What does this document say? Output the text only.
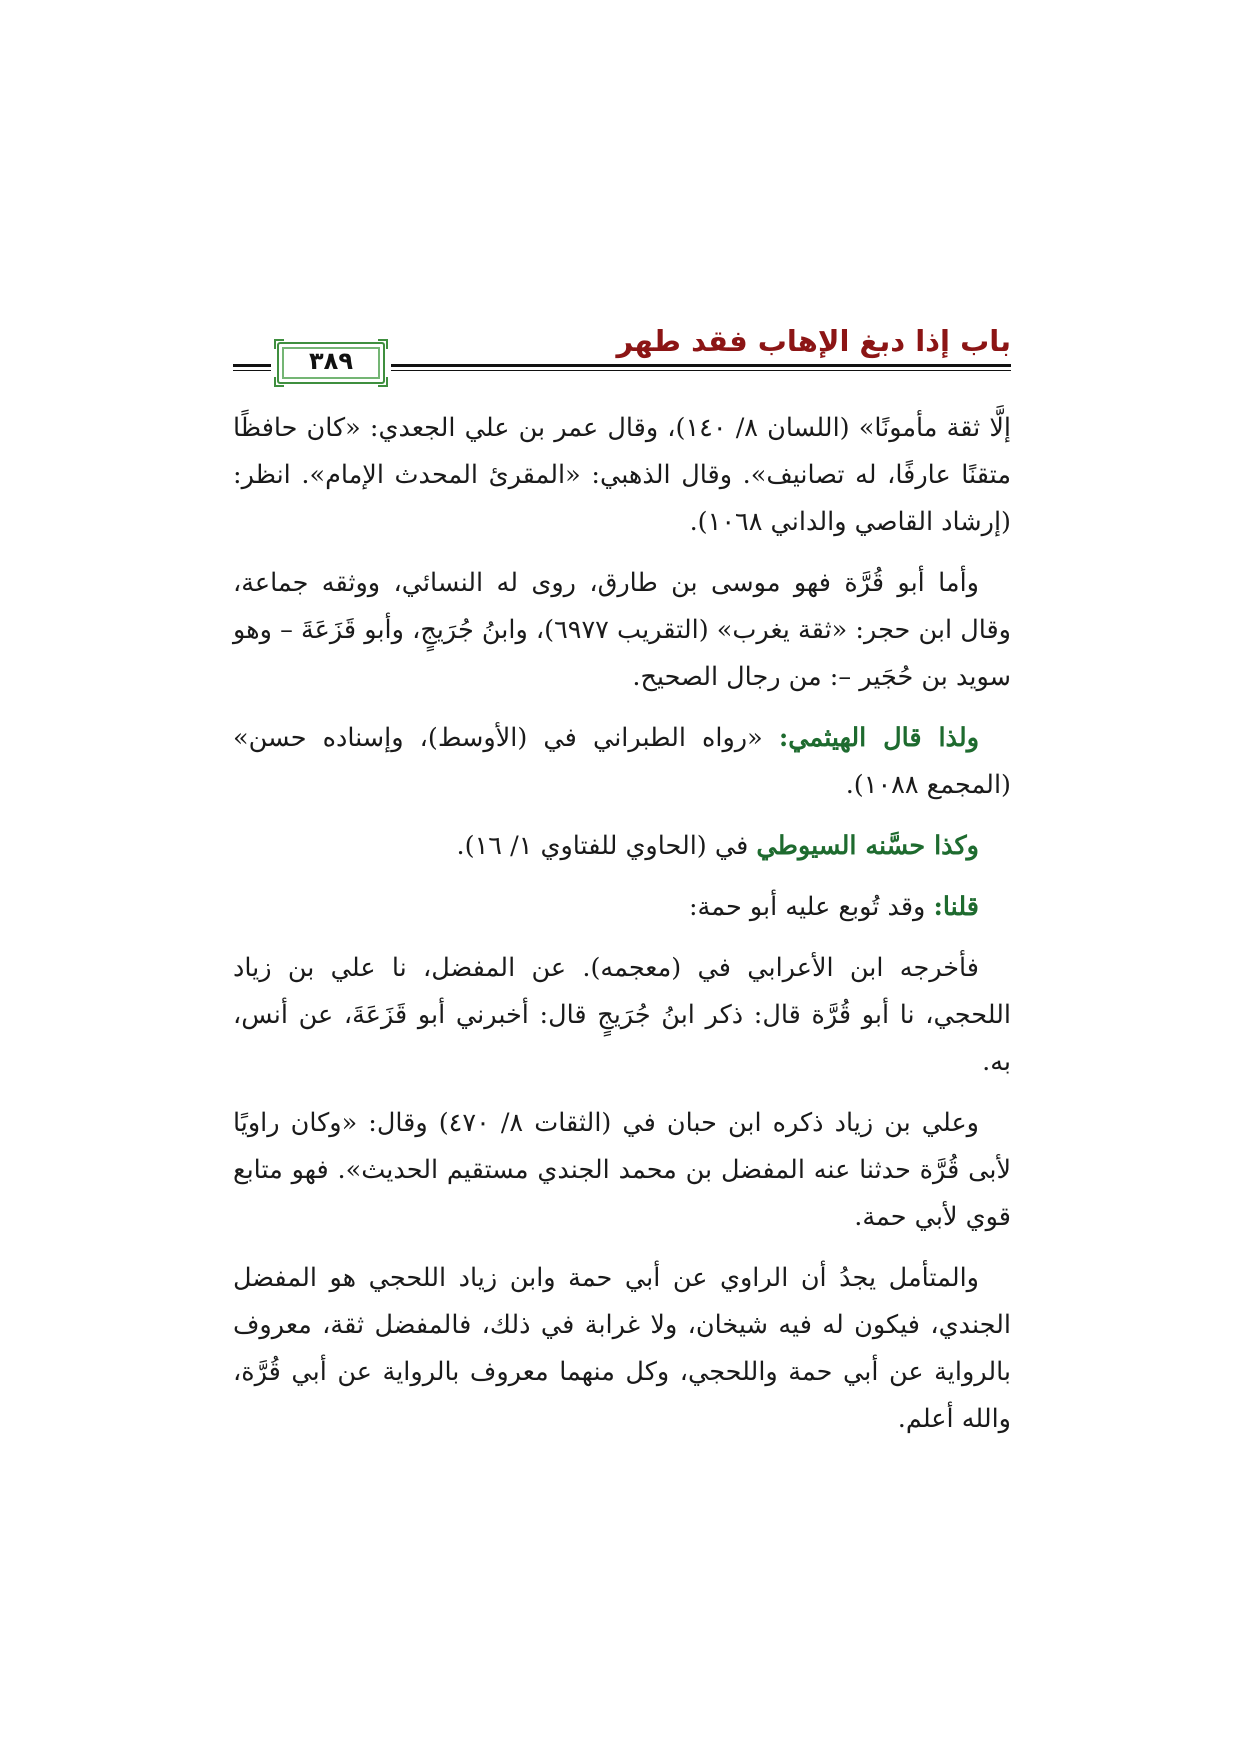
باب إذا دبغ الإهاب فقد طهر
٣٨٩

إلَّا ثقة مأمونًا» (اللسان ٨/ ١٤٠)، وقال عمر بن علي الجعدي: «كان حافظًا متقنًا عارفًا، له تصانيف». وقال الذهبي: «المقرئ المحدث الإمام». انظر: (إرشاد القاصي والداني ١٠٦٨).

وأما أبو قُرَّة فهو موسى بن طارق، روى له النسائي، ووثقه جماعة، وقال ابن حجر: «ثقة يغرب» (التقريب ٦٩٧٧)، وابنُ جُرَيجٍ، وأبو قَزَعَةَ – وهو سويد بن حُجَير –: من رجال الصحيح.

ولذا قال الهيثمي: «رواه الطبراني في (الأوسط)، وإسناده حسن» (المجمع ١٠٨٨).

وكذا حسَّنه السيوطي في (الحاوي للفتاوي ١/ ١٦).

قلنا: وقد تُوبع عليه أبو حمة:

فأخرجه ابن الأعرابي في (معجمه). عن المفضل، نا علي بن زياد اللحجي، نا أبو قُرَّة قال: ذكر ابنُ جُرَيجٍ قال: أخبرني أبو قَزَعَةَ، عن أنس، به.

وعلي بن زياد ذكره ابن حبان في (الثقات ٨/ ٤٧٠) وقال: «وكان راويًا لأبى قُرَّة حدثنا عنه المفضل بن محمد الجندي مستقيم الحديث». فهو متابع قوي لأبي حمة.

والمتأمل يجدُ أن الراوي عن أبي حمة وابن زياد اللحجي هو المفضل الجندي، فيكون له فيه شيخان، ولا غرابة في ذلك، فالمفضل ثقة، معروف بالرواية عن أبي حمة واللحجي، وكل منهما معروف بالرواية عن أبي قُرَّة، والله أعلم.
